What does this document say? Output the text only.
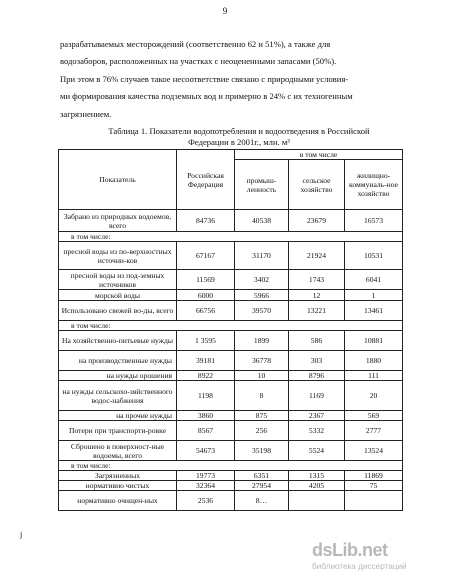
9
разрабатываемых месторождений (соответственно 62 и 51%), а также для
водозаборов, расположенных на участках с неоцененными запасами (50%).
При этом в 76% случаев такое несоответствие связано с природными условия-
ми формирования качества подземных вод и примерно в 24% с их техногенным
загрязнением.
Таблица 1. Показатели водопотребления и водоотведения в Российской
Федерации в 2001г., млн. м³
Показатель	Российская Федерация	в том числе		
		промыш-ленность	сельское хозяйство	жилищно-коммуналь-ное хозяйство
Забрано из природных водоемов, всего	84736	40538	23679	16573
в том числе:				
пресной воды из по-верхностных источни-ков	67167	31170	21924	10531
пресной воды из под-земных источников	11569	3402	1743	6041
морской воды	6000	5966	12	1
Использовано свежей во-ды, всего	66756	39570	13221	13461
в том числе:				
На хозяйственно-питьевые нужды	1 3595	1899	586	10881
на производственные нужды	39181	36778	303	1880
на нужды орошения	8922	10	8796	111
на нужды сельскохо-зяйственного водос-набжения	1198	8	1169	20
на прочие нужды	3860	875	2367	569
Потери при транспорти-ровке	8567	256	5332	2777
Сброшено в поверхност-ные водоемы, всего	54673	35198	5524	13524
в том числе:				
Загрязненных	19773	6351	1315	11869
нормативно чистых	32364	27954	4205	75
нормативно очищен-ных	2536	8…		
j
dsLib.net
библиотека диссертаций
